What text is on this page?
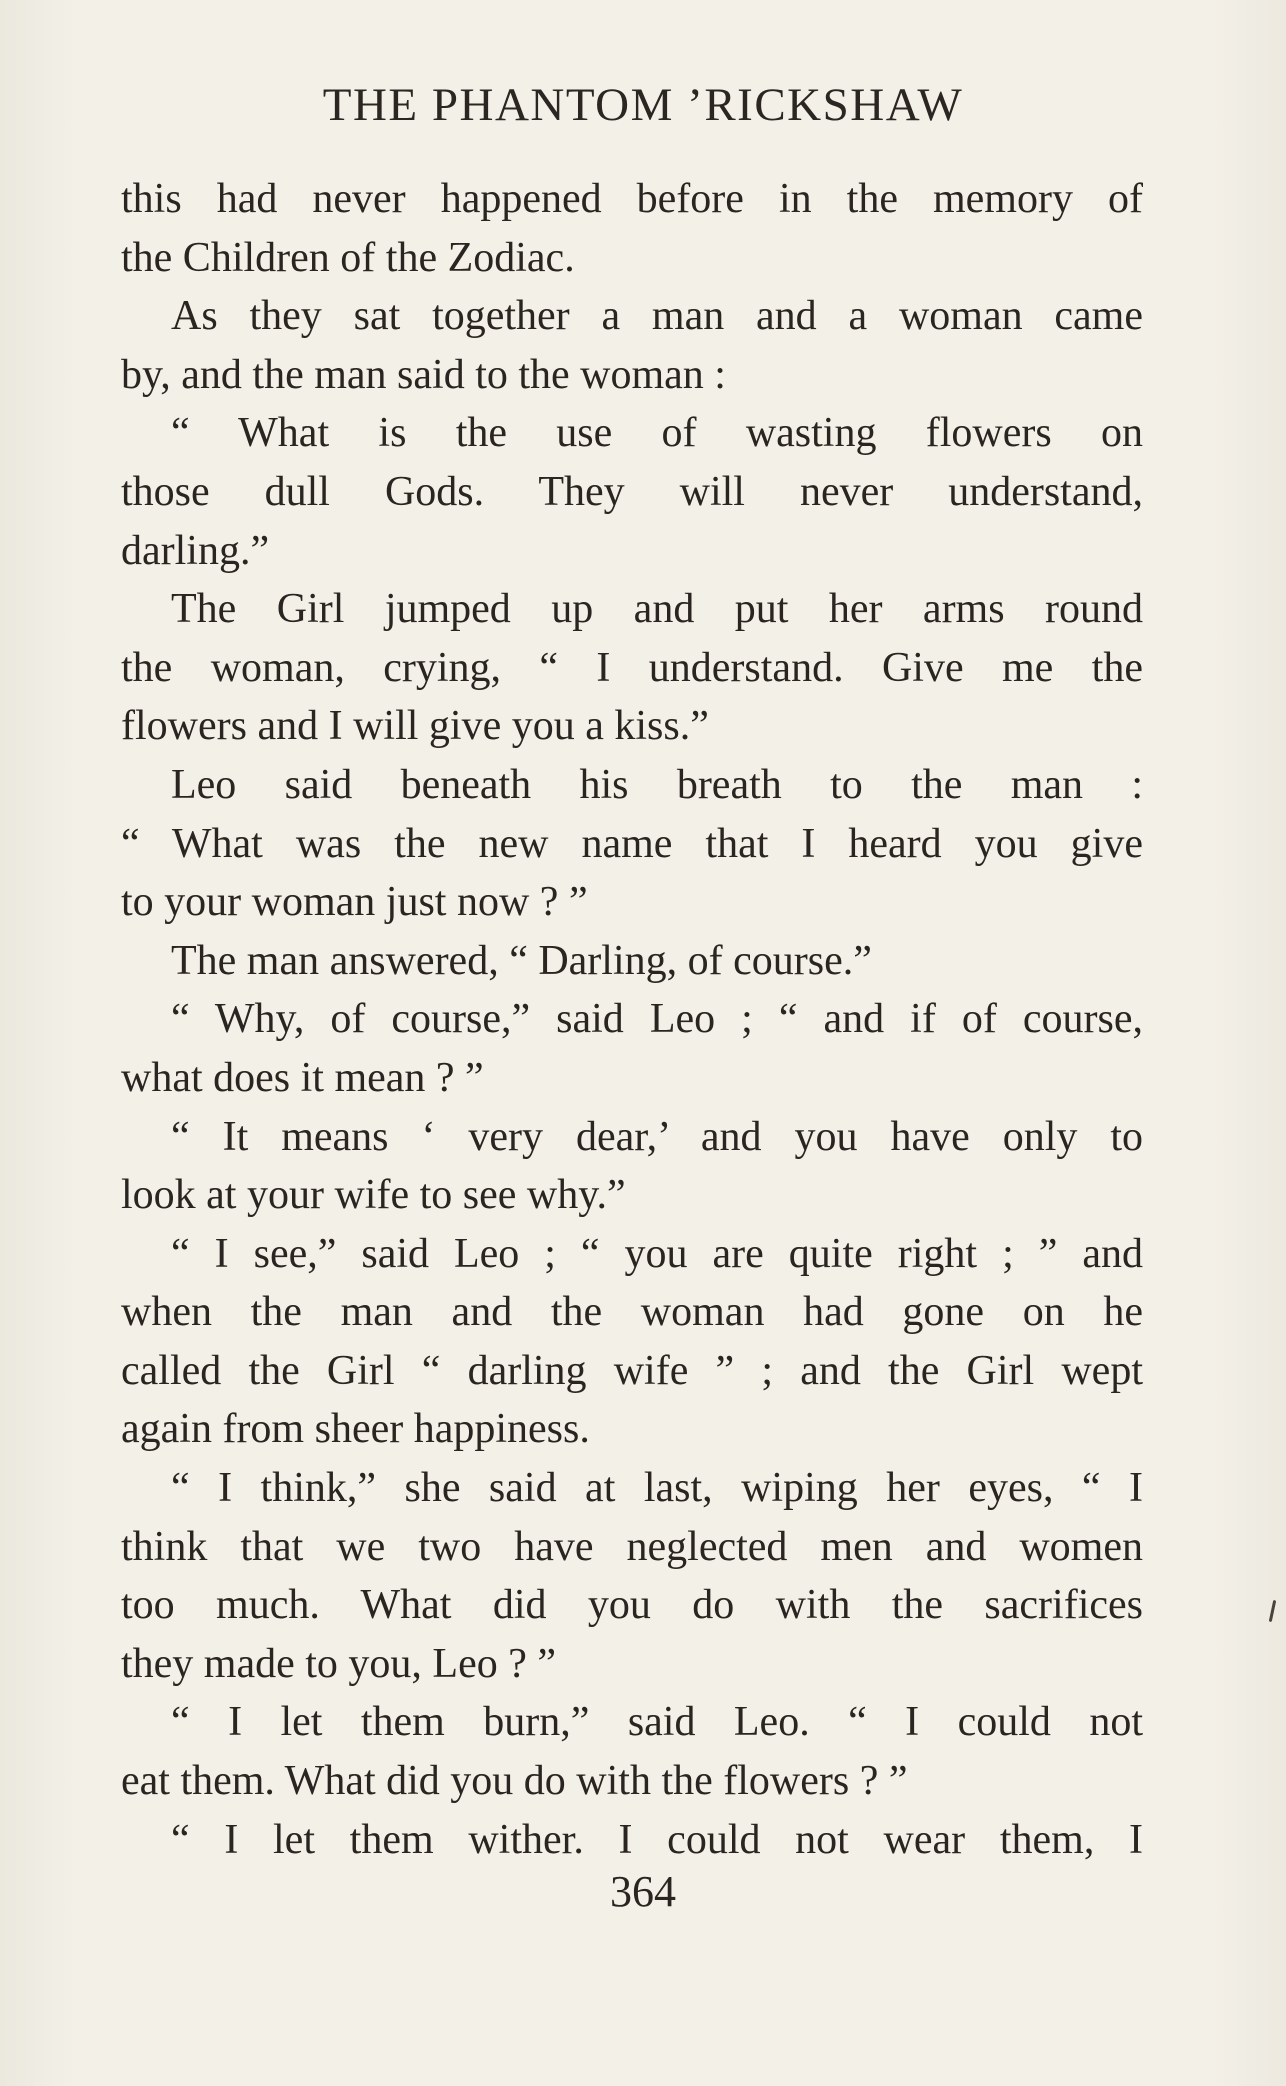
THE PHANTOM ’RICKSHAW
this had never happened before in the memory of
the Children of the Zodiac.
As they sat together a man and a woman came
by, and the man said to the woman :
“ What is the use of wasting flowers on
those dull Gods. They will never understand,
darling.”
The Girl jumped up and put her arms round
the woman, crying, “ I understand. Give me the
flowers and I will give you a kiss.”
Leo said beneath his breath to the man :
“ What was the new name that I heard you give
to your woman just now ? ”
The man answered, “ Darling, of course.”
“ Why, of course,” said Leo ; “ and if of course,
what does it mean ? ”
“ It means ‘ very dear,’ and you have only to
look at your wife to see why.”
“ I see,” said Leo ; “ you are quite right ; ” and
when the man and the woman had gone on he
called the Girl “ darling wife ” ; and the Girl wept
again from sheer happiness.
“ I think,” she said at last, wiping her eyes, “ I
think that we two have neglected men and women
too much. What did you do with the sacrifices
they made to you, Leo ? ”
“ I let them burn,” said Leo. “ I could not
eat them. What did you do with the flowers ? ”
“ I let them wither. I could not wear them, I
364
